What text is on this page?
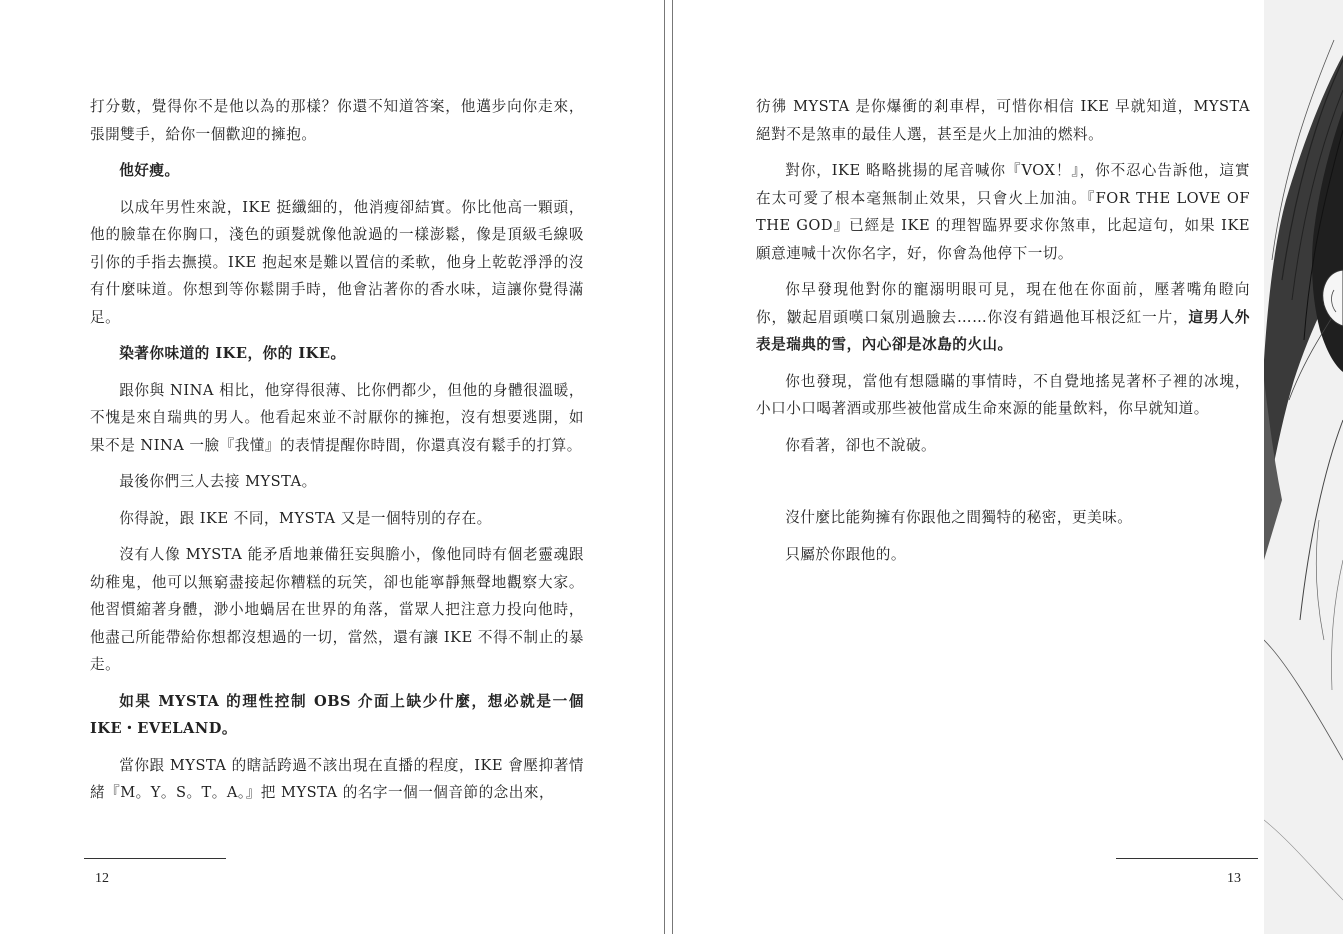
打分數，覺得你不是他以為的那樣？你還不知道答案，他邁步向你走來，張開雙手，給你一個歡迎的擁抱。

他好瘦。

以成年男性來說，IKE 挺纖細的，他消瘦卻結實。你比他高一顆頭，他的臉靠在你胸口，淺色的頭髮就像他說過的一樣澎鬆，像是頂級毛線吸引你的手指去撫摸。IKE 抱起來是難以置信的柔軟，他身上乾乾淨淨的沒有什麼味道。你想到等你鬆開手時，他會沾著你的香水味，這讓你覺得滿足。

染著你味道的 IKE，你的 IKE。

跟你與 NINA 相比，他穿得很薄、比你們都少，但他的身體很溫暖，不愧是來自瑞典的男人。他看起來並不討厭你的擁抱，沒有想要逃開，如果不是 NINA 一臉『我懂』的表情提醒你時間，你還真沒有鬆手的打算。

最後你們三人去接 MYSTA。

你得說，跟 IKE 不同，MYSTA 又是一個特別的存在。

沒有人像 MYSTA 能矛盾地兼備狂妄與膽小，像他同時有個老靈魂跟幼稚鬼，他可以無窮盡接起你糟糕的玩笑，卻也能寧靜無聲地觀察大家。他習慣縮著身體，渺小地蝸居在世界的角落，當眾人把注意力投向他時，他盡己所能帶給你想都沒想過的一切，當然，還有讓 IKE 不得不制止的暴走。

如果 MYSTA 的理性控制 OBS 介面上缺少什麼，想必就是一個 IKE・EVELAND。

當你跟 MYSTA 的瞎話跨過不該出現在直播的程度，IKE 會壓抑著情緒『M。Y。S。T。A。』把 MYSTA 的名字一個一個音節的念出來，

12

彷彿 MYSTA 是你爆衝的剎車桿，可惜你相信 IKE 早就知道，MYSTA 絕對不是煞車的最佳人選，甚至是火上加油的燃料。

對你，IKE 略略挑揚的尾音喊你『VOX！』，你不忍心告訴他，這實在太可愛了根本毫無制止效果，只會火上加油。『FOR THE LOVE OF THE GOD』已經是 IKE 的理智臨界要求你煞車，比起這句，如果 IKE 願意連喊十次你名字，好，你會為他停下一切。

你早發現他對你的寵溺明眼可見，現在他在你面前，壓著嘴角瞪向你，皺起眉頭嘆口氣別過臉去……你沒有錯過他耳根泛紅一片，這男人外表是瑞典的雪，內心卻是冰島的火山。

你也發現，當他有想隱瞞的事情時，不自覺地搖晃著杯子裡的冰塊，小口小口喝著酒或那些被他當成生命來源的能量飲料，你早就知道。

你看著，卻也不說破。

沒什麼比能夠擁有你跟他之間獨特的秘密，更美味。

只屬於你跟他的。

13
